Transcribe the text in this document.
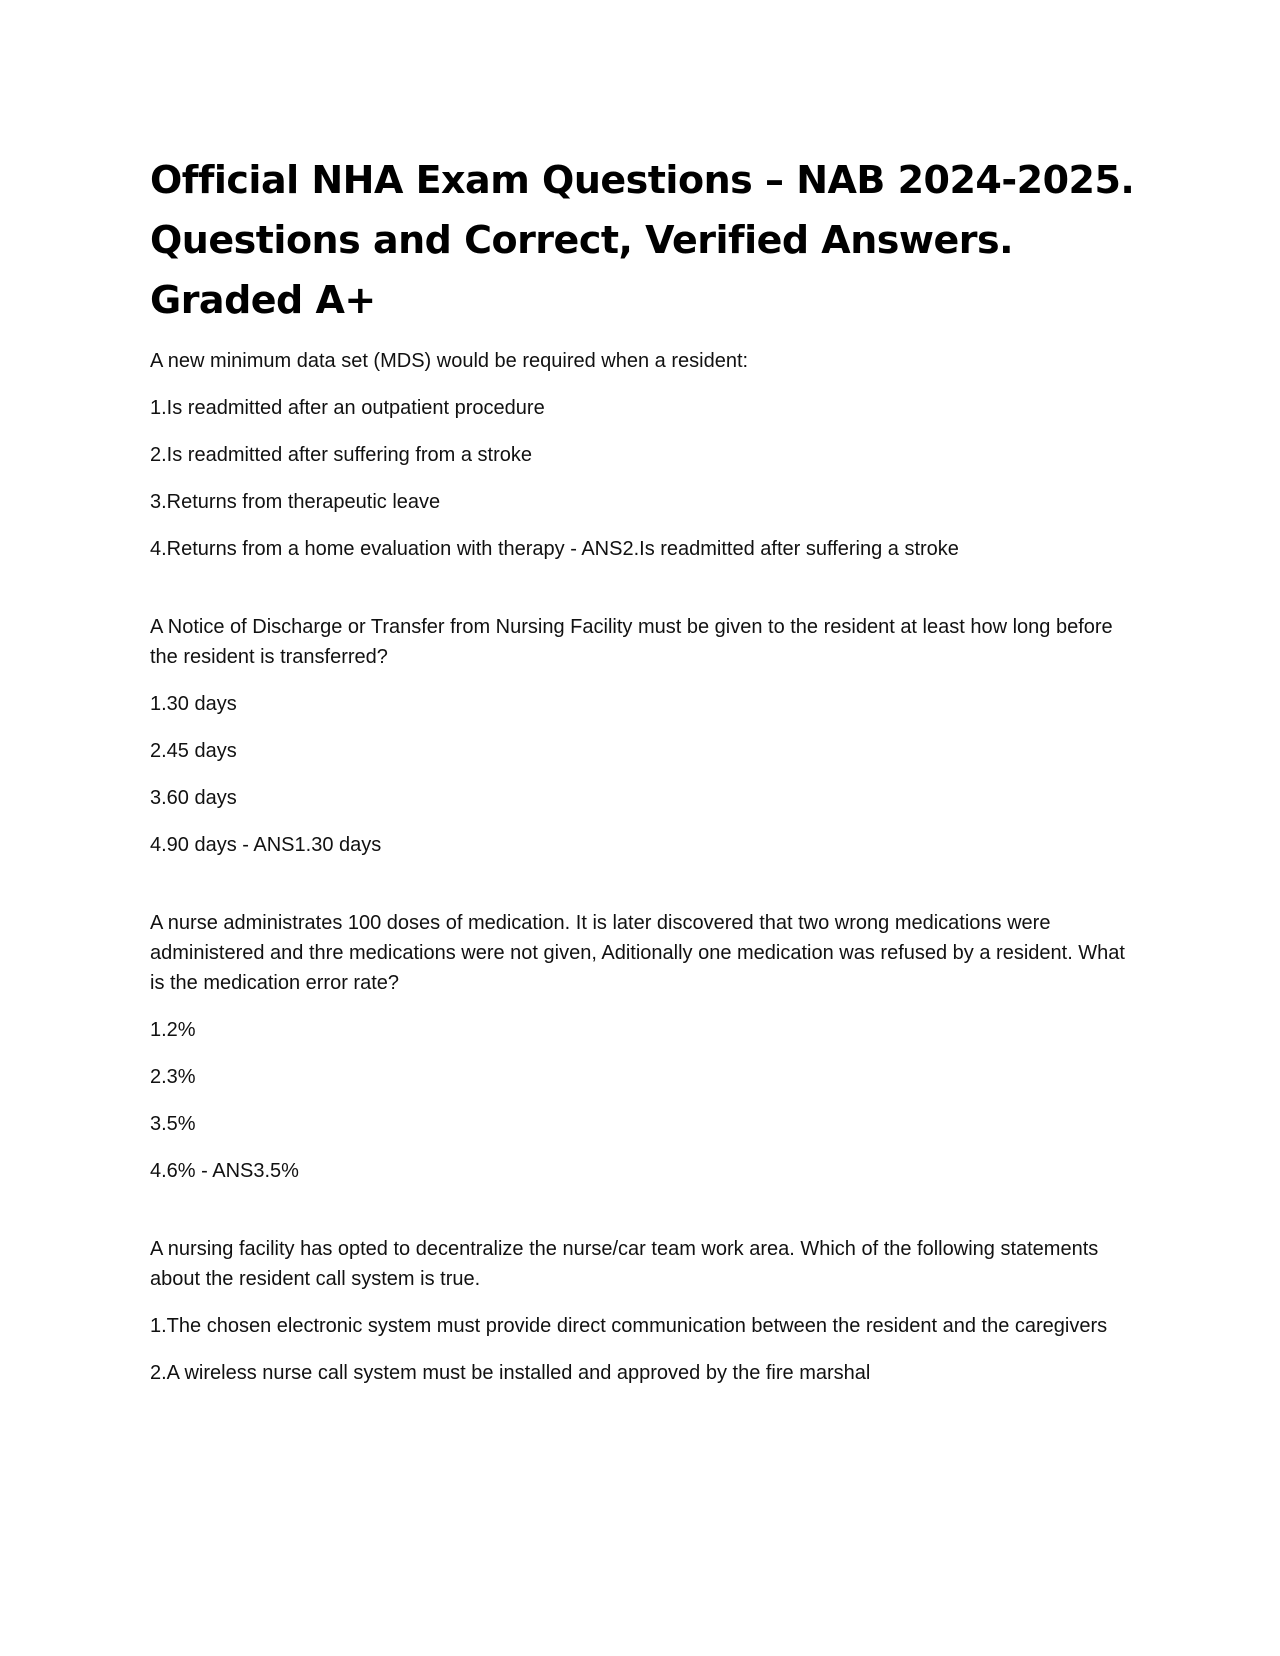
Official NHA Exam Questions – NAB 2024-2025. Questions and Correct, Verified Answers. Graded A+

A new minimum data set (MDS) would be required when a resident:

1.Is readmitted after an outpatient procedure

2.Is readmitted after suffering from a stroke

3.Returns from therapeutic leave

4.Returns from a home evaluation with therapy - ANS2.Is readmitted after suffering a stroke

A Notice of Discharge or Transfer from Nursing Facility must be given to the resident at least how long before the resident is transferred?

1.30 days

2.45 days

3.60 days

4.90 days - ANS1.30 days

A nurse administrates 100 doses of medication. It is later discovered that two wrong medications were administered and thre medications were not given, Aditionally one medication was refused by a resident. What is the medication error rate?

1.2%

2.3%

3.5%

4.6% - ANS3.5%

A nursing facility has opted to decentralize the nurse/car team work area. Which of the following statements about the resident call system is true.

1.The chosen electronic system must provide direct communication between the resident and the caregivers

2.A wireless nurse call system must be installed and approved by the fire marshal
